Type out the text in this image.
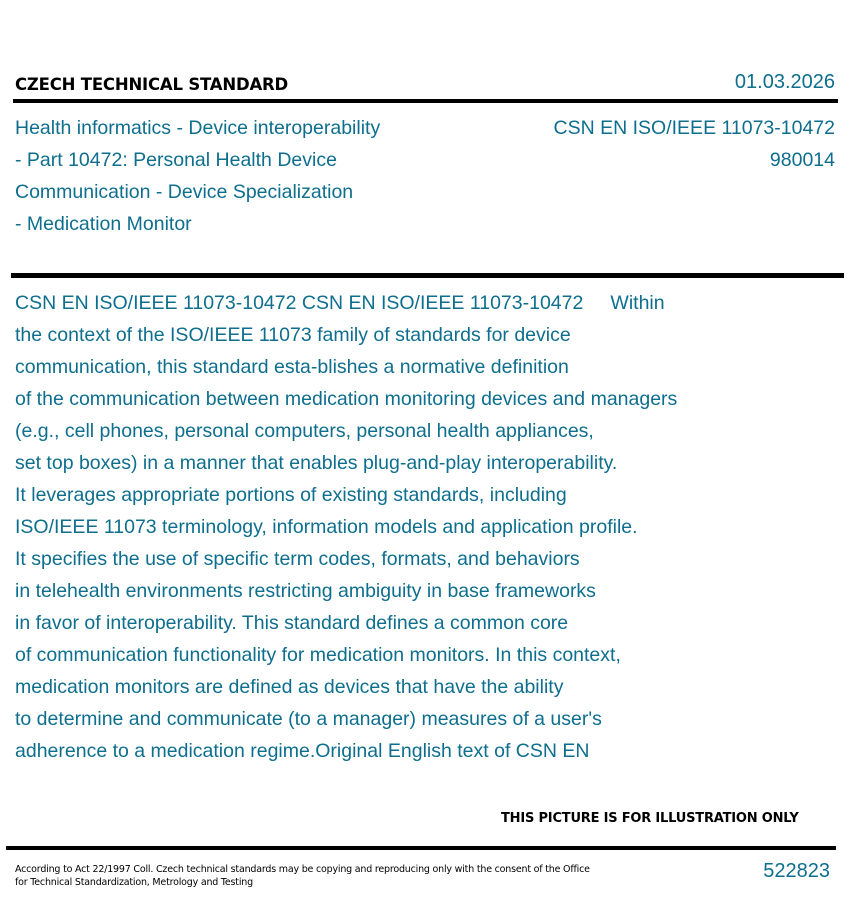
CZECH TECHNICAL STANDARD	01.03.2026
Health informatics - Device interoperability
- Part 10472: Personal Health Device
Communication - Device Specialization
- Medication Monitor
CSN EN ISO/IEEE 11073-10472
980014
CSN EN ISO/IEEE 11073-10472 CSN EN ISO/IEEE 11073-10472     Within
the context of the ISO/IEEE 11073 family of standards for device
communication, this standard esta-blishes a normative definition
of the communication between medication monitoring devices and managers
(e.g., cell phones, personal computers, personal health appliances,
set top boxes) in a manner that enables plug-and-play interoperability.
It leverages appropriate portions of existing standards, including
ISO/IEEE 11073 terminology, information models and application profile.
It specifies the use of specific term codes, formats, and behaviors
in telehealth environments restricting ambiguity in base frameworks
in favor of interoperability. This standard defines a common core
of communication functionality for medication monitors. In this context,
medication monitors are defined as devices that have the ability
to determine and communicate (to a manager) measures of a user's
adherence to a medication regime.Original English text of CSN EN
THIS PICTURE IS FOR ILLUSTRATION ONLY
According to Act 22/1997 Coll. Czech technical standards may be copying and reproducing only with the consent of the Office
for Technical Standardization, Metrology and Testing
522823
